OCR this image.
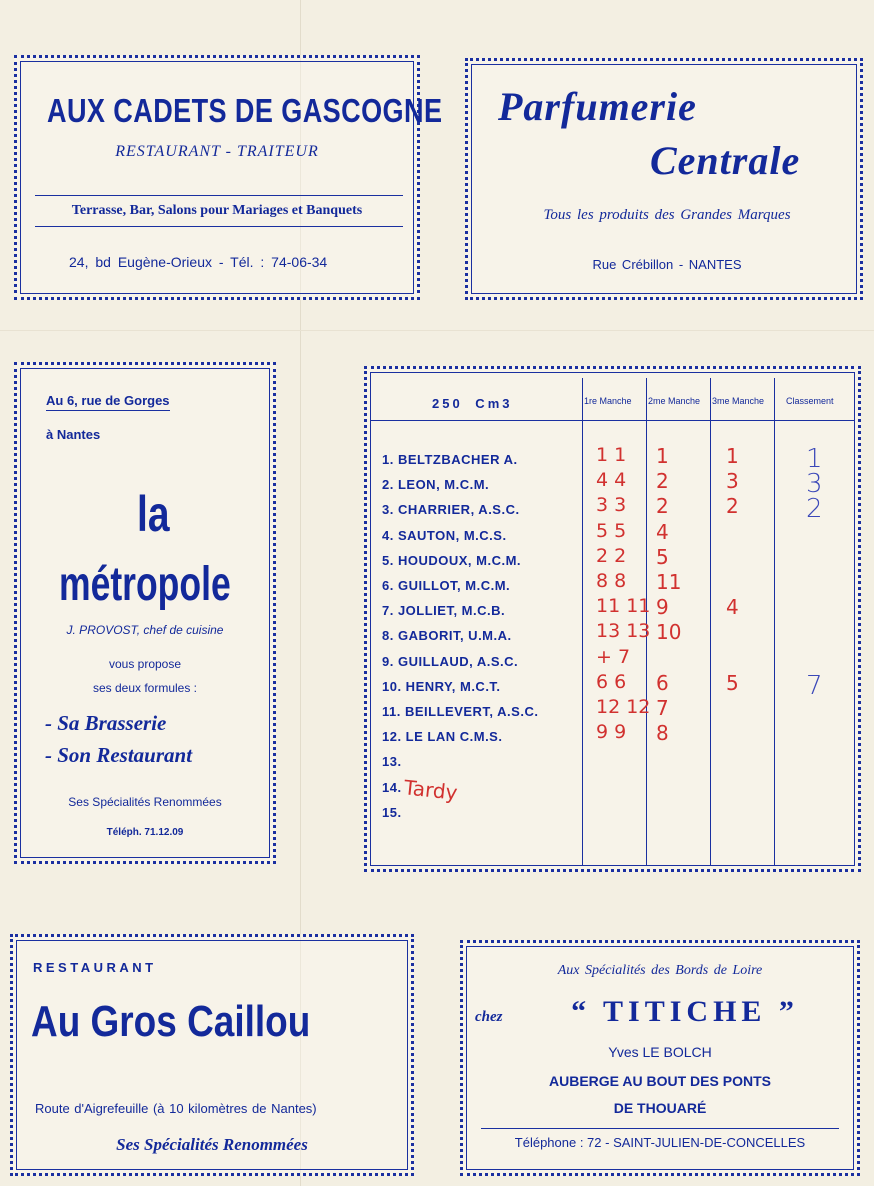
AUX CADETS DE GASCOGNE
RESTAURANT - TRAITEUR
Terrasse, Bar, Salons pour Mariages et Banquets
24, bd Eugène-Orieux - Tél. : 74-06-34
Parfumerie
Centrale
Tous les produits des Grandes Marques
Rue Crébillon - NANTES
Au 6, rue de Gorges
à Nantes
la
métropole
J. PROVOST, chef de cuisine
vous propose
ses deux formules :
- Sa Brasserie
- Son Restaurant
Ses Spécialités Renommées
Téléph. 71.12.09
250 Cm3	1re Manche 2me Manche 3me Manche Classement
1. BELTZBACHER A.
2. LEON, M.C.M.
3. CHARRIER, A.S.C.
4. SAUTON, M.C.S.
5. HOUDOUX, M.C.M.
6. GUILLOT, M.C.M.
7. JOLLIET, M.C.B.
8. GABORIT, U.M.A.
9. GUILLAUD, A.S.C.
10. HENRY, M.C.T.
11. BEILLEVERT, A.S.C.
12. LE LAN C.M.S.
13.
14.
15.
1 1
4 4
3 3
5 5
2 2
8 8
11 11
13 13
+ 7
6 6
12 12
9 9
1
2
2
4
5
11
9
10
6
7
8
1
3
2
4
5
1
3
2
7
Tardy
RESTAURANT
Au Gros Caillou
Route d'Aigrefeuille (à 10 kilomètres de Nantes)
Ses Spécialités Renommées
Aux Spécialités des Bords de Loire
chez	“ TITICHE ”
Yves LE BOLCH
AUBERGE AU BOUT DES PONTS
DE THOUARÉ
Téléphone : 72 - SAINT-JULIEN-DE-CONCELLES
